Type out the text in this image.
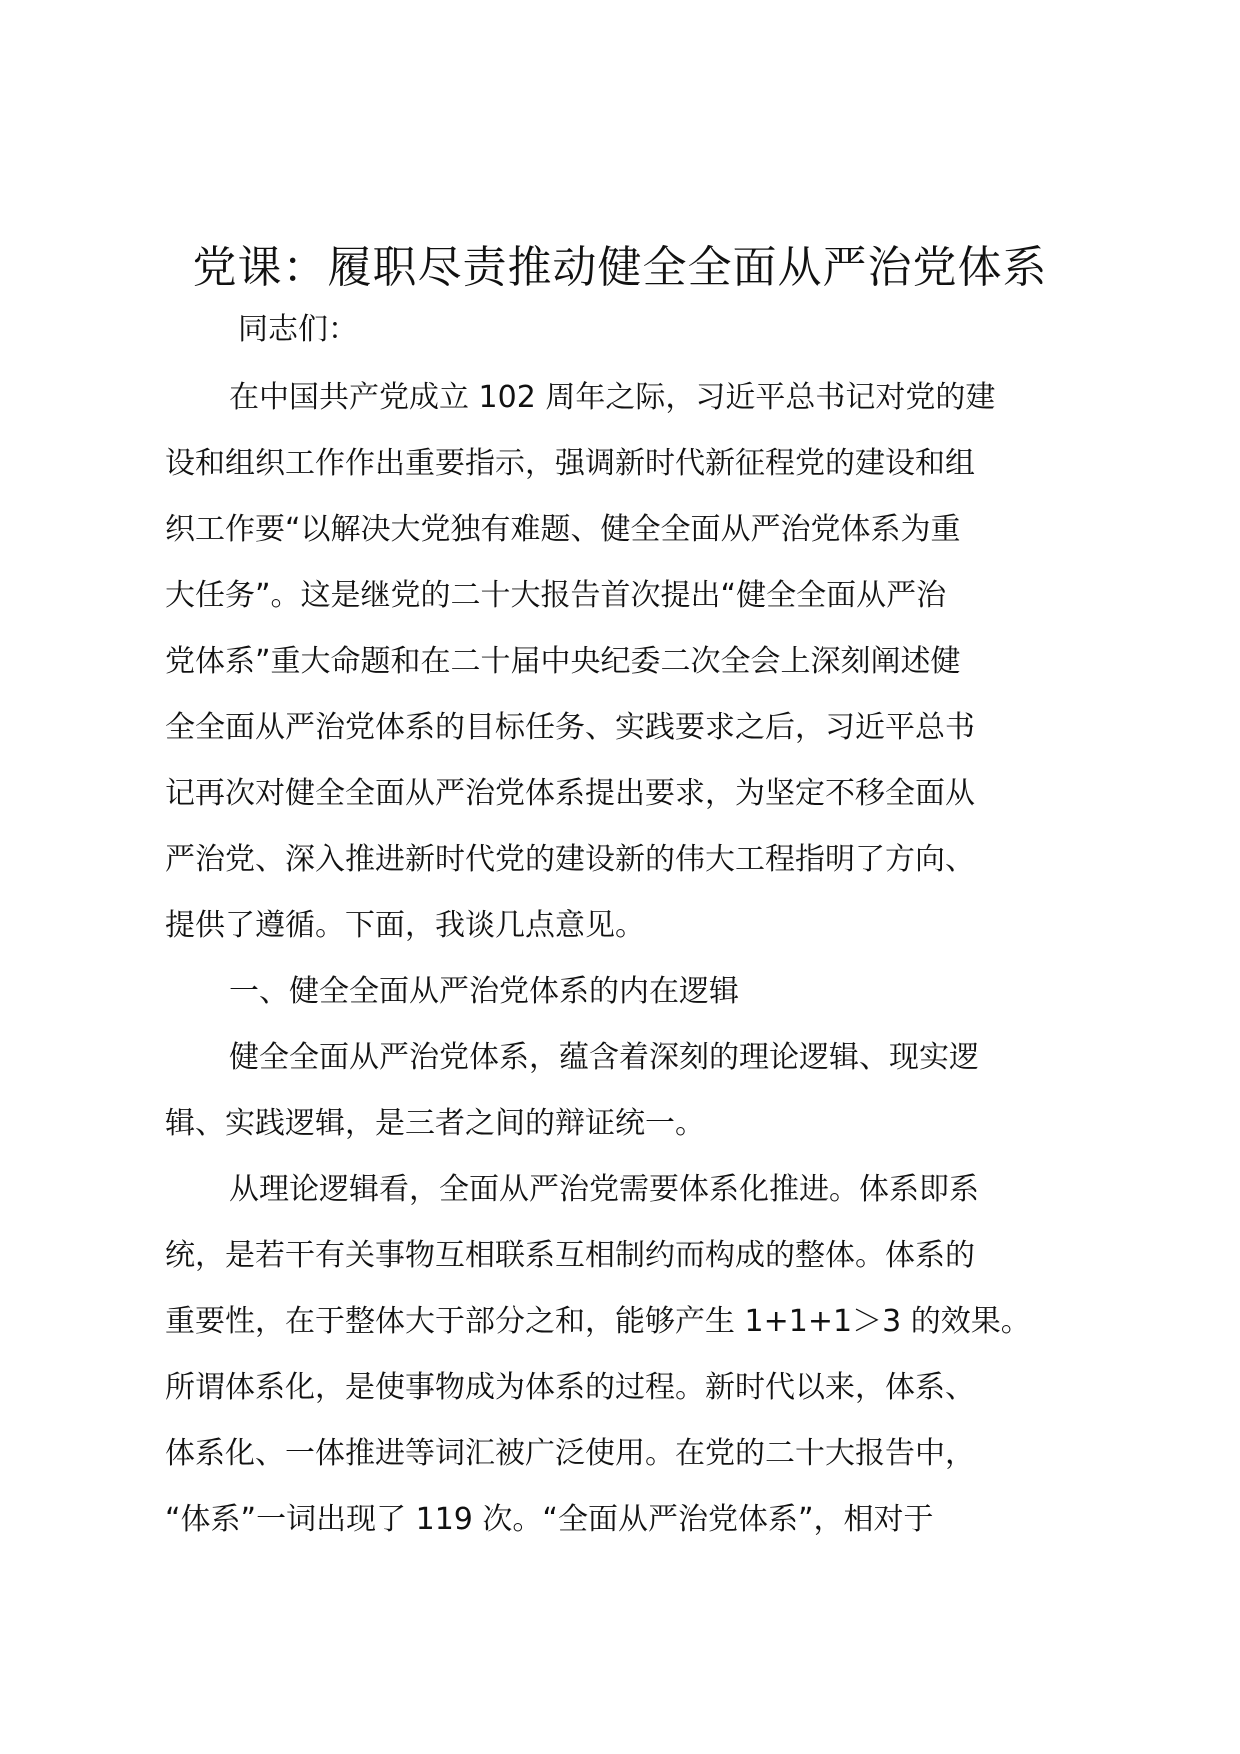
党课：履职尽责推动健全全面从严治党体系
同志们：
在中国共产党成立 102 周年之际，习近平总书记对党的建
设和组织工作作出重要指示，强调新时代新征程党的建设和组
织工作要“以解决大党独有难题、健全全面从严治党体系为重
大任务”。这是继党的二十大报告首次提出“健全全面从严治
党体系”重大命题和在二十届中央纪委二次全会上深刻阐述健
全全面从严治党体系的目标任务、实践要求之后，习近平总书
记再次对健全全面从严治党体系提出要求，为坚定不移全面从
严治党、深入推进新时代党的建设新的伟大工程指明了方向、
提供了遵循。下面，我谈几点意见。
一、健全全面从严治党体系的内在逻辑
健全全面从严治党体系，蕴含着深刻的理论逻辑、现实逻
辑、实践逻辑，是三者之间的辩证统一。
从理论逻辑看，全面从严治党需要体系化推进。体系即系
统，是若干有关事物互相联系互相制约而构成的整体。体系的
重要性，在于整体大于部分之和，能够产生 1+1+1＞3 的效果。
所谓体系化，是使事物成为体系的过程。新时代以来，体系、
体系化、一体推进等词汇被广泛使用。在党的二十大报告中，
“体系”一词出现了 119 次。“全面从严治党体系”，相对于
